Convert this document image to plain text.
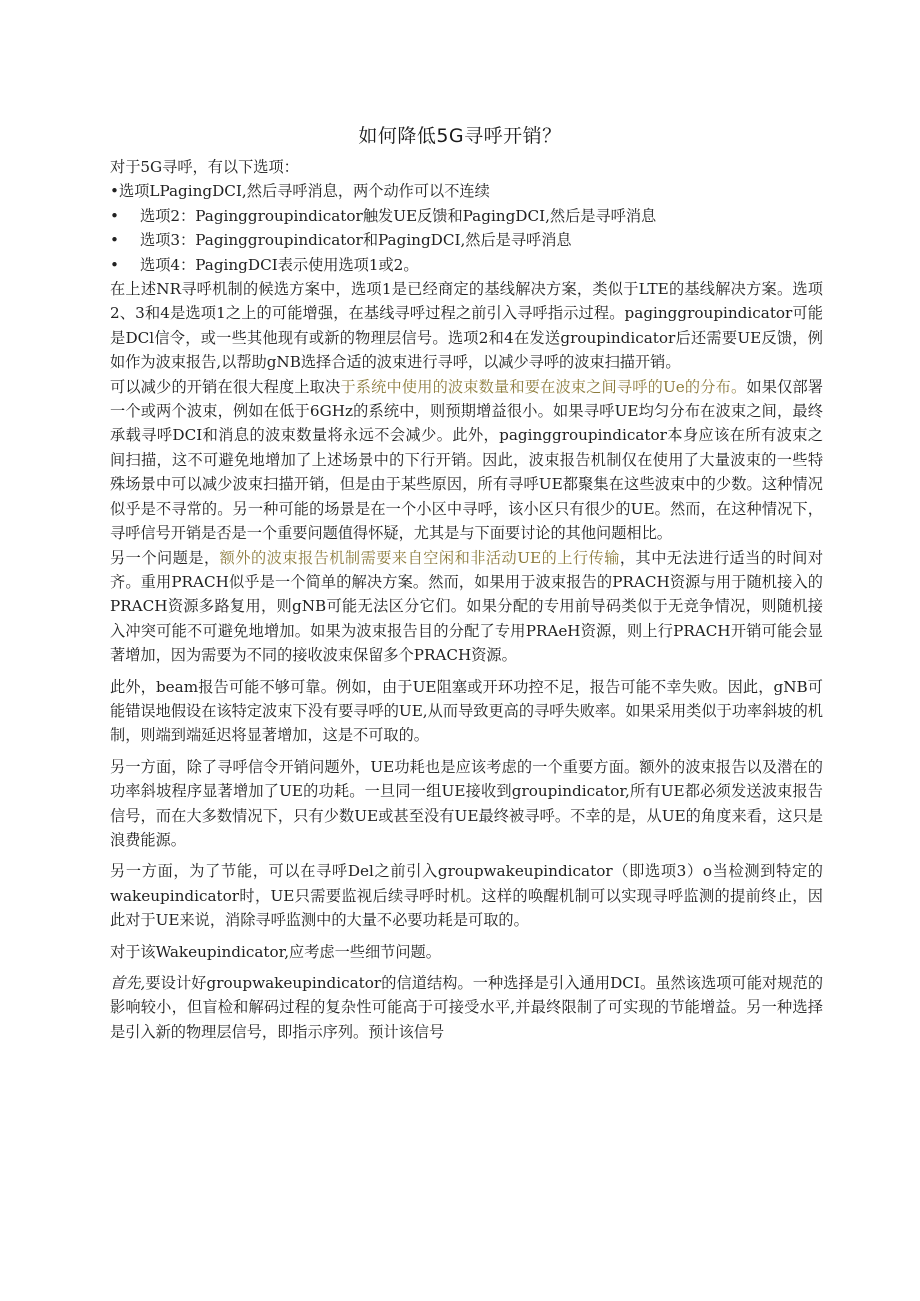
如何降低5G寻呼开销？

对于5G寻呼，有以下选项：

• 选项LPagingDCI,然后寻呼消息，两个动作可以不连续
•	选项2：Paginggroupindicator触发UE反馈和PagingDCI,然后是寻呼消息
•	选项3：Paginggroupindicator和PagingDCI,然后是寻呼消息
•	选项4：PagingDCI表示使用选项1或2。

在上述NR寻呼机制的候选方案中，选项1是已经商定的基线解决方案，类似于LTE的基线解决方案。选项2、3和4是选项1之上的可能增强，在基线寻呼过程之前引入寻呼指示过程。paginggroupindicator可能是DCl信令，或一些其他现有或新的物理层信号。选项2和4在发送groupindicator后还需要UE反馈，例如作为波束报告,以帮助gNB选择合适的波束进行寻呼，以减少寻呼的波束扫描开销。

可以减少的开销在很大程度上取决于系统中使用的波束数量和要在波束之间寻呼的Ue的分布。如果仅部署一个或两个波束，例如在低于6GHz的系统中，则预期增益很小。如果寻呼UE均匀分布在波束之间，最终承载寻呼DCI和消息的波束数量将永远不会减少。此外，paginggroupindicator本身应该在所有波束之间扫描，这不可避免地增加了上述场景中的下行开销。因此，波束报告机制仅在使用了大量波束的一些特殊场景中可以减少波束扫描开销，但是由于某些原因，所有寻呼UE都聚集在这些波束中的少数。这种情况似乎是不寻常的。另一种可能的场景是在一个小区中寻呼，该小区只有很少的UE。然而，在这种情况下，寻呼信号开销是否是一个重要问题值得怀疑，尤其是与下面要讨论的其他问题相比。

另一个问题是，额外的波束报告机制需要来自空闲和非活动UE的上行传输，其中无法进行适当的时间对齐。重用PRACH似乎是一个简单的解决方案。然而，如果用于波束报告的PRACH资源与用于随机接入的PRACH资源多路复用，则gNB可能无法区分它们。如果分配的专用前导码类似于无竞争情况，则随机接入冲突可能不可避免地增加。如果为波束报告目的分配了专用PRAeH资源，则上行PRACH开销可能会显著增加，因为需要为不同的接收波束保留多个PRACH资源。

此外，beam报告可能不够可靠。例如，由于UE阻塞或开环功控不足，报告可能不幸失败。因此，gNB可能错误地假设在该特定波束下没有要寻呼的UE,从而导致更高的寻呼失败率。如果采用类似于功率斜坡的机制，则端到端延迟将显著增加，这是不可取的。

另一方面，除了寻呼信令开销问题外，UE功耗也是应该考虑的一个重要方面。额外的波束报告以及潜在的功率斜坡程序显著增加了UE的功耗。一旦同一组UE接收到groupindicator,所有UE都必须发送波束报告信号，而在大多数情况下，只有少数UE或甚至没有UE最终被寻呼。不幸的是，从UE的角度来看，这只是浪费能源。

另一方面，为了节能，可以在寻呼Del之前引入groupwakeupindicator（即选项3）o当检测到特定的wakeupindicator时，UE只需要监视后续寻呼时机。这样的唤醒机制可以实现寻呼监测的提前终止，因此对于UE来说，消除寻呼监测中的大量不必要功耗是可取的。

对于该Wakeupindicator,应考虑一些细节问题。

首先,要设计好groupwakeupindicator的信道结构。一种选择是引入通用DCI。虽然该选项可能对规范的影响较小，但盲检和解码过程的复杂性可能高于可接受水平,并最终限制了可实现的节能增益。另一种选择是引入新的物理层信号，即指示序列。预计该信号
